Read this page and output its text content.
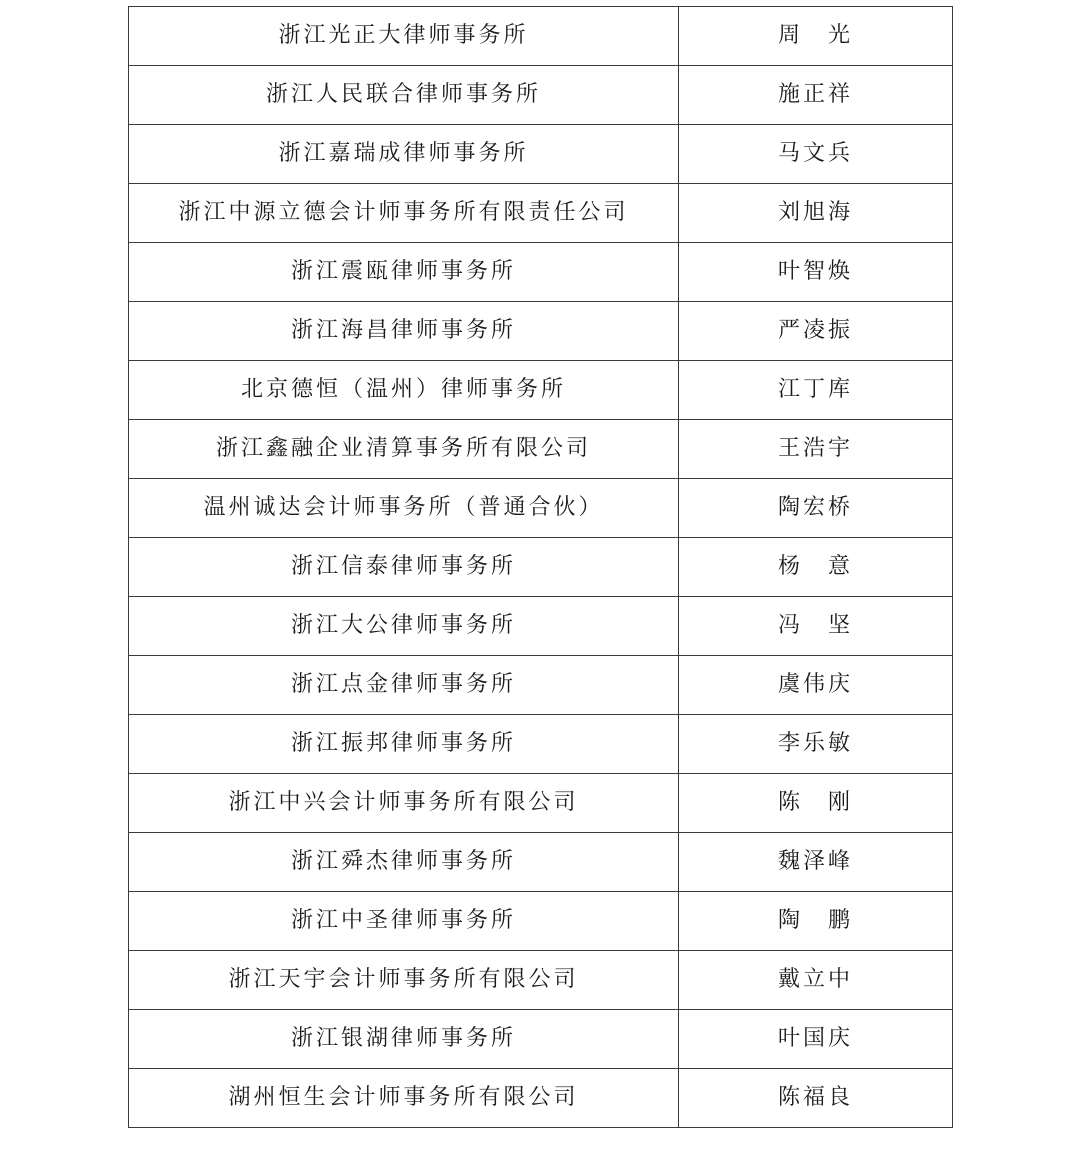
浙江光正大律师事务所	周　光
浙江人民联合律师事务所	施正祥
浙江嘉瑞成律师事务所	马文兵
浙江中源立德会计师事务所有限责任公司	刘旭海
浙江震瓯律师事务所	叶智焕
浙江海昌律师事务所	严凌振
北京德恒（温州）律师事务所	江丁库
浙江鑫融企业清算事务所有限公司	王浩宇
温州诚达会计师事务所（普通合伙）	陶宏桥
浙江信泰律师事务所	杨　意
浙江大公律师事务所	冯　坚
浙江点金律师事务所	虞伟庆
浙江振邦律师事务所	李乐敏
浙江中兴会计师事务所有限公司	陈　刚
浙江舜杰律师事务所	魏泽峰
浙江中圣律师事务所	陶　鹏
浙江天宇会计师事务所有限公司	戴立中
浙江银湖律师事务所	叶国庆
湖州恒生会计师事务所有限公司	陈福良
